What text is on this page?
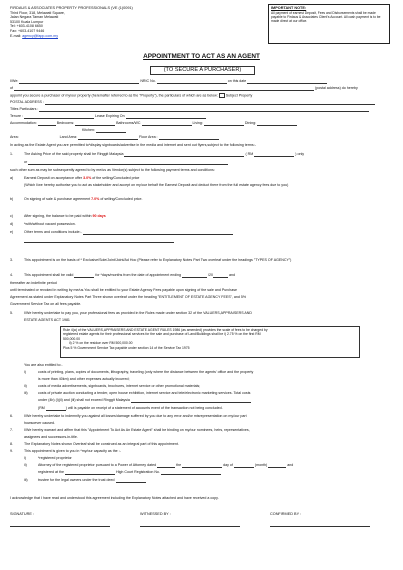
FIRDAUS & ASSOCIATES PROPERTY PROFESSIONALS (VE (1)0091)
Third Floor, 318, Melawati Square,
Jalan Negara Taman Melawati
53100 Kuala Lumpur
Tel: +603-4108 6650
Fax: +603-4107 9446
E-mail: agency@fapp.com.my
IMPORTANT NOTE:
All payment of earnest Deposit, Fees and Disbursements shall be made payable to Firdaus & Associates Client's Account. All cash payment is to be made direct at our office.
APPOINTMENT TO ACT AS AN AGENT
(TO SECURE A PURCHASER)
I/We:	NRIC No.	on this date
of	(postal address) do hereby
appoint you secure a purchaser of my/our property (hereinafter referred to as the "Property"), the particulars of which are as below: Subject Property
POSTAL ADDRESS :
Titles Particulars :
Tenure :	Lease Expiring On
Accommodation:	Bedrooms:	Bathrooms/WC	Living:	Dining:
Kitchen:
Area:	Land Area:	Floor Area :
In acting as the Estate Agent you are permitted to*display signboards/advertise in the media and internet and sent out flyers,subject to the following terms:-
1.	The Asking Price of the said property shall be Ringgit Malaysia	( RM	) only
or
such other sum as may be subsequently agreed to by me/us as Vendor(s) subject to the following payment terms and conditions:
a)	Earnest Deposit on acceptance offer 3.0% of the selling/Concluded price
(Which I/we hereby authorise you to act as stakeholder and accept on my/our behalf the Earnest Deposit and deduct there from the full estate agency fees due to you)
b)	On signing of sale & purchase agreement 7.0% of selling/Concluded price.
c)	After signing, the balance to be paid within 90 days
d)	*with/without vacant possession.
e)	Other terms and conditions include:-
3.	This appointment is on the basis of * Exclusive/Sole/Joint/Joint/Ad Hoc (Please refer to Explanatory Notes Part Two overleaf under the headings "TYPES OF AGENCY")
4.	This appointment shall be valid	for *days/months from the date of appointment ending	/20	and
thereafter an indefinite period
until terminated or revoked in writing by me/us.You shall be entitled to your Estate Agency Fees payable upon signing of the sale and Purchase
Agreement as stated under Explanatory Notes Part Three shown overleaf under the heading "ENTITLEMENT OF ESTATE AGENCY FEES", and 5%
Government Service Tax on all fees payable.
5.	I/We hereby undertake to pay you, your professional fees as provided in the Rules made under section 32 of the VALUERS,APPRAISERS AND
ESTATE AGENTS ACT 1981
Rule 4(a) of the VALUERS,APPRAISERS AND ESTATE AGENT RULES 1986 (as amended) provides the scale of fees to be charged by
registered estate agents for their professional services for the sale and purchase of Land/Buildings shall be i) 2.75 % on the first RM
500,000.00
ii) 2 % on the residue over RM 500,000.00
Plus 5 % Government Service Tax payable under section 14 of the Service Tax 1975
You are also entitled to:-
i)	costs of printing, plans, copies of documents, lithography, traveling (only where the distance between the agents' office and the property
is more than 40km) and other expenses actually incurred;
ii)	costs of media advertisements, signboards, brochures, internet service or other promotional materials;
iii)	costs of private auction conducting a tender, open house exhibition, internet service and tele/electronic marketing services. Total costs
under (4b) (i)(ii) and (iii) shall not exceed Ringgit Malaysia
(RM	) will is payable on receipt of a statement of accounts event of the transaction not being concluded.
6.	I/We hereby undertake to indemnify you against all losses/damage suffered by you due to any error and/or misrepresentation on my/our part
howsoever caused.
7.	I/We hereby warrant and affirm that this "Appointment To Act As An Estate Agent" shall be binding on my/our nominees, heirs, representatives,
assignees and successors-in-title.
8.	The Explanatory Notes shown Overleaf shall be construed as an integral part of this appointment.
9.	This appointment is given to you in *my/our capacity as the :-
i)	*registered proprietor
ii)	Attorney of the registered proprietor pursuant to a Power of Attorney dated	the	day of	(month)	and
registered at the	High Court Registration No.
iii)	trustee for the legal owners under the trust deed
I acknowledge that I have read and understood this agreement including the Explanatory Notes attached and have received a copy.
SIGNATURE :	WITNESSED BY :	CONFIRMED BY :
